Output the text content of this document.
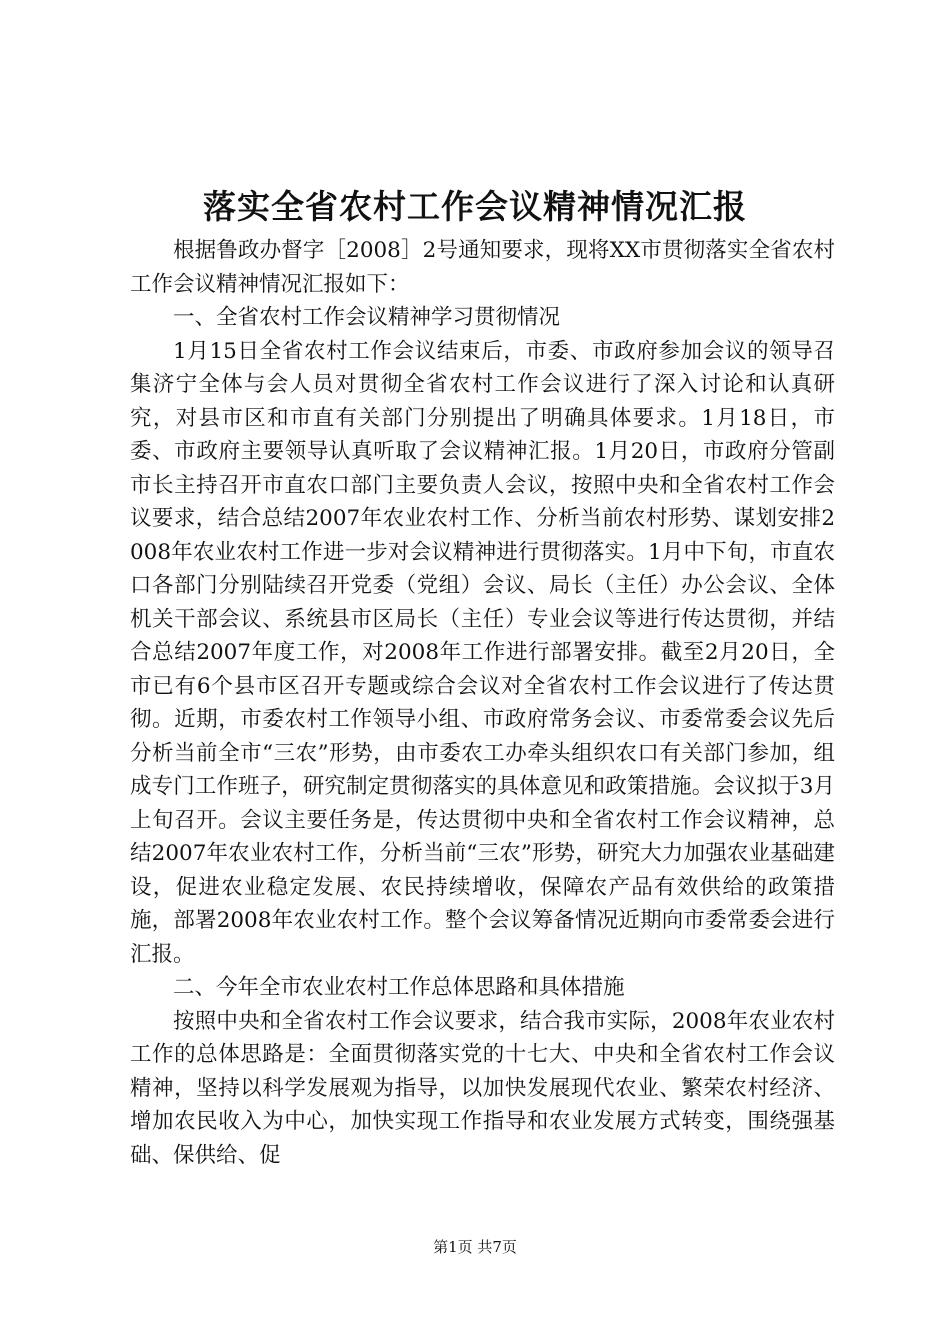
落实全省农村工作会议精神情况汇报

根据鲁政办督字［2008］2号通知要求，现将XX市贯彻落实全省农村工作会议精神情况汇报如下：

一、全省农村工作会议精神学习贯彻情况

1月15日全省农村工作会议结束后，市委、市政府参加会议的领导召集济宁全体与会人员对贯彻全省农村工作会议进行了深入讨论和认真研究，对县市区和市直有关部门分别提出了明确具体要求。1月18日，市委、市政府主要领导认真听取了会议精神汇报。1月20日，市政府分管副市长主持召开市直农口部门主要负责人会议，按照中央和全省农村工作会议要求，结合总结2007年农业农村工作、分析当前农村形势、谋划安排2008年农业农村工作进一步对会议精神进行贯彻落实。1月中下旬，市直农口各部门分别陆续召开党委（党组）会议、局长（主任）办公会议、全体机关干部会议、系统县市区局长（主任）专业会议等进行传达贯彻，并结合总结2007年度工作，对2008年工作进行部署安排。截至2月20日，全市已有6个县市区召开专题或综合会议对全省农村工作会议进行了传达贯彻。近期，市委农村工作领导小组、市政府常务会议、市委常委会议先后分析当前全市“三农”形势，由市委农工办牵头组织农口有关部门参加，组成专门工作班子，研究制定贯彻落实的具体意见和政策措施。会议拟于3月上旬召开。会议主要任务是，传达贯彻中央和全省农村工作会议精神，总结2007年农业农村工作，分析当前“三农”形势，研究大力加强农业基础建设，促进农业稳定发展、农民持续增收，保障农产品有效供给的政策措施，部署2008年农业农村工作。整个会议筹备情况近期向市委常委会进行汇报。

二、今年全市农业农村工作总体思路和具体措施

按照中央和全省农村工作会议要求，结合我市实际，2008年农业农村工作的总体思路是：全面贯彻落实党的十七大、中央和全省农村工作会议精神，坚持以科学发展观为指导，以加快发展现代农业、繁荣农村经济、增加农民收入为中心，加快实现工作指导和农业发展方式转变，围绕强基础、保供给、促

第1页 共7页
